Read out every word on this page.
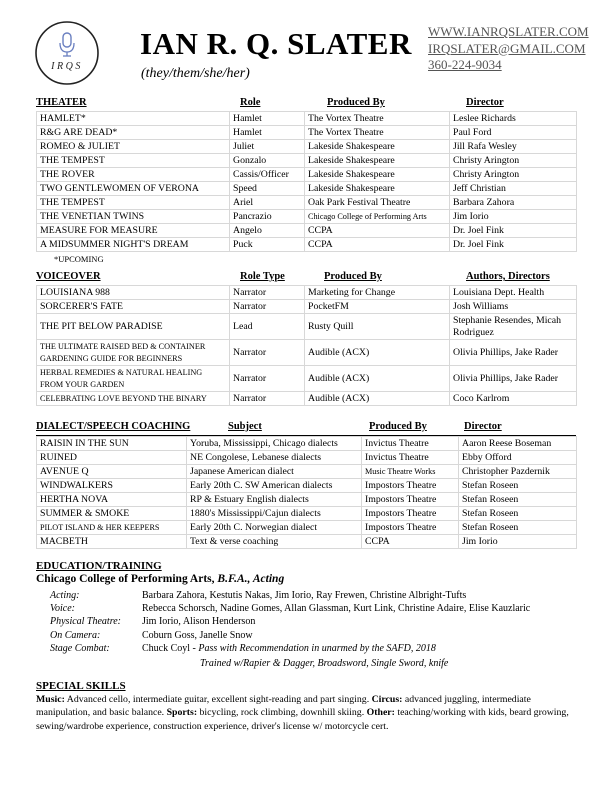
IRQS
IAN R. Q. SLATER
(they/them/she/her)
WWW.IANRQSLATER.COM
IRQSLATER@GMAIL.COM
360-224-9034
THEATER	Role	Produced By	Director
HAMLET*	Hamlet	The Vortex Theatre	Leslee Richards
R&G ARE DEAD*	Hamlet	The Vortex Theatre	Paul Ford
ROMEO & JULIET	Juliet	Lakeside Shakespeare	Jill Rafa Wesley
THE TEMPEST	Gonzalo	Lakeside Shakespeare	Christy Arington
THE ROVER	Cassis/Officer	Lakeside Shakespeare	Christy Arington
TWO GENTLEWOMEN OF VERONA	Speed	Lakeside Shakespeare	Jeff Christian
THE TEMPEST	Ariel	Oak Park Festival Theatre	Barbara Zahora
THE VENETIAN TWINS	Pancrazio	Chicago College of Performing Arts	Jim Iorio
MEASURE FOR MEASURE	Angelo	CCPA	Dr. Joel Fink
A MIDSUMMER NIGHT'S DREAM	Puck	CCPA	Dr. Joel Fink
*UPCOMING
VOICEOVER	Role Type	Produced By	Authors, Directors
LOUISIANA 988	Narrator	Marketing for Change	Louisiana Dept. Health
SORCERER'S FATE	Narrator	PocketFM	Josh Williams
THE PIT BELOW PARADISE	Lead	Rusty Quill	Stephanie Resendes, Micah Rodriguez
THE ULTIMATE RAISED BED & CONTAINER GARDENING GUIDE FOR BEGINNERS	Narrator	Audible (ACX)	Olivia Phillips, Jake Rader
HERBAL REMEDIES & NATURAL HEALING FROM YOUR GARDEN	Narrator	Audible (ACX)	Olivia Phillips, Jake Rader
CELEBRATING LOVE BEYOND THE BINARY	Narrator	Audible (ACX)	Coco Karlrom
DIALECT/SPEECH COACHING	Subject	Produced By	Director
RAISIN IN THE SUN	Yoruba, Mississippi, Chicago dialects	Invictus Theatre	Aaron Reese Boseman
RUINED	NE Congolese, Lebanese dialects	Invictus Theatre	Ebby Offord
AVENUE Q	Japanese American dialect	Music Theatre Works	Christopher Pazdernik
WINDWALKERS	Early 20th C. SW American dialects	Impostors Theatre	Stefan Roseen
HERTHA NOVA	RP & Estuary English dialects	Impostors Theatre	Stefan Roseen
SUMMER & SMOKE	1880's Mississippi/Cajun dialects	Impostors Theatre	Stefan Roseen
PILOT ISLAND & HER KEEPERS	Early 20th C. Norwegian dialect	Impostors Theatre	Stefan Roseen
MACBETH	Text & verse coaching	CCPA	Jim Iorio
EDUCATION/TRAINING
Chicago College of Performing Arts, B.F.A., Acting
Acting:	Barbara Zahora, Kestutis Nakas, Jim Iorio, Ray Frewen, Christine Albright-Tufts
Voice:	Rebecca Schorsch, Nadine Gomes, Allan Glassman, Kurt Link, Christine Adaire, Elise Kauzlaric
Physical Theatre: Jim Iorio, Alison Henderson
On Camera:	Coburn Goss, Janelle Snow
Stage Combat:	Chuck Coyl - Pass with Recommendation in unarmed by the SAFD, 2018
Trained w/Rapier & Dagger, Broadsword, Single Sword, knife
SPECIAL SKILLS
Music: Advanced cello, intermediate guitar, excellent sight-reading and part singing. Circus: advanced juggling, intermediate manipulation, and basic balance. Sports: bicycling, rock climbing, downhill skiing. Other: teaching/working with kids, beard growing, sewing/wardrobe experience, construction experience, driver's license w/ motorcycle cert.
